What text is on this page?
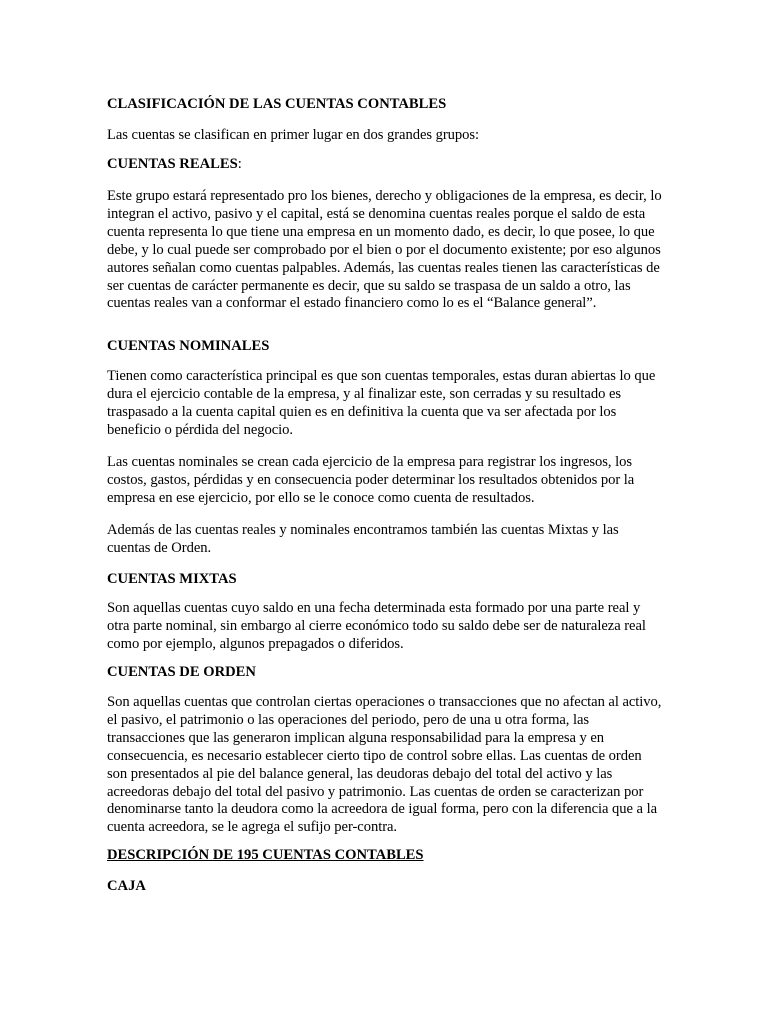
CLASIFICACIÓN DE LAS CUENTAS CONTABLES

Las cuentas se clasifican en primer lugar en dos grandes grupos:

CUENTAS REALES:

Este grupo estará representado pro los bienes, derecho y obligaciones de la empresa, es decir, lo integran el activo, pasivo y el capital, está se denomina cuentas reales porque el saldo de esta cuenta representa lo que tiene una empresa en un momento dado, es decir, lo que posee, lo que debe, y lo cual puede ser comprobado por el bien o por el documento existente; por eso algunos autores señalan como cuentas palpables. Además, las cuentas reales tienen las características de ser cuentas de carácter permanente es decir, que su saldo se traspasa de un saldo a otro, las cuentas reales van a conformar el estado financiero como lo es el “Balance general”.

CUENTAS NOMINALES

Tienen como característica principal es que son cuentas temporales, estas duran abiertas lo que dura el ejercicio contable de la empresa, y al finalizar este, son cerradas y su resultado es traspasado a la cuenta capital quien es en definitiva la cuenta que va ser afectada por los beneficio o pérdida del negocio.

Las cuentas nominales se crean cada ejercicio de la empresa para registrar los ingresos, los costos, gastos, pérdidas y en consecuencia poder determinar los resultados obtenidos por la empresa en ese ejercicio, por ello se le conoce como cuenta de resultados.

Además de las cuentas reales y nominales encontramos también las cuentas Mixtas y las cuentas de Orden.

CUENTAS MIXTAS

Son aquellas cuentas cuyo saldo en una fecha determinada esta formado por una parte real y otra parte nominal, sin embargo al cierre económico todo su saldo debe ser de naturaleza real como por ejemplo, algunos prepagados o diferidos.

CUENTAS DE ORDEN

Son aquellas cuentas que controlan ciertas operaciones o transacciones que no afectan al activo, el pasivo, el patrimonio o las operaciones del periodo, pero de una u otra forma, las transacciones que las generaron implican alguna responsabilidad para la empresa y en consecuencia, es necesario establecer cierto tipo de control sobre ellas. Las cuentas de orden son presentados al pie del balance general, las deudoras debajo del total del activo y las acreedoras debajo del total del pasivo y patrimonio. Las cuentas de orden se caracterizan por denominarse tanto la deudora como la acreedora de igual forma, pero con la diferencia que a la cuenta acreedora, se le agrega el sufijo per-contra.

DESCRIPCIÓN DE 195 CUENTAS CONTABLES
CAJA
